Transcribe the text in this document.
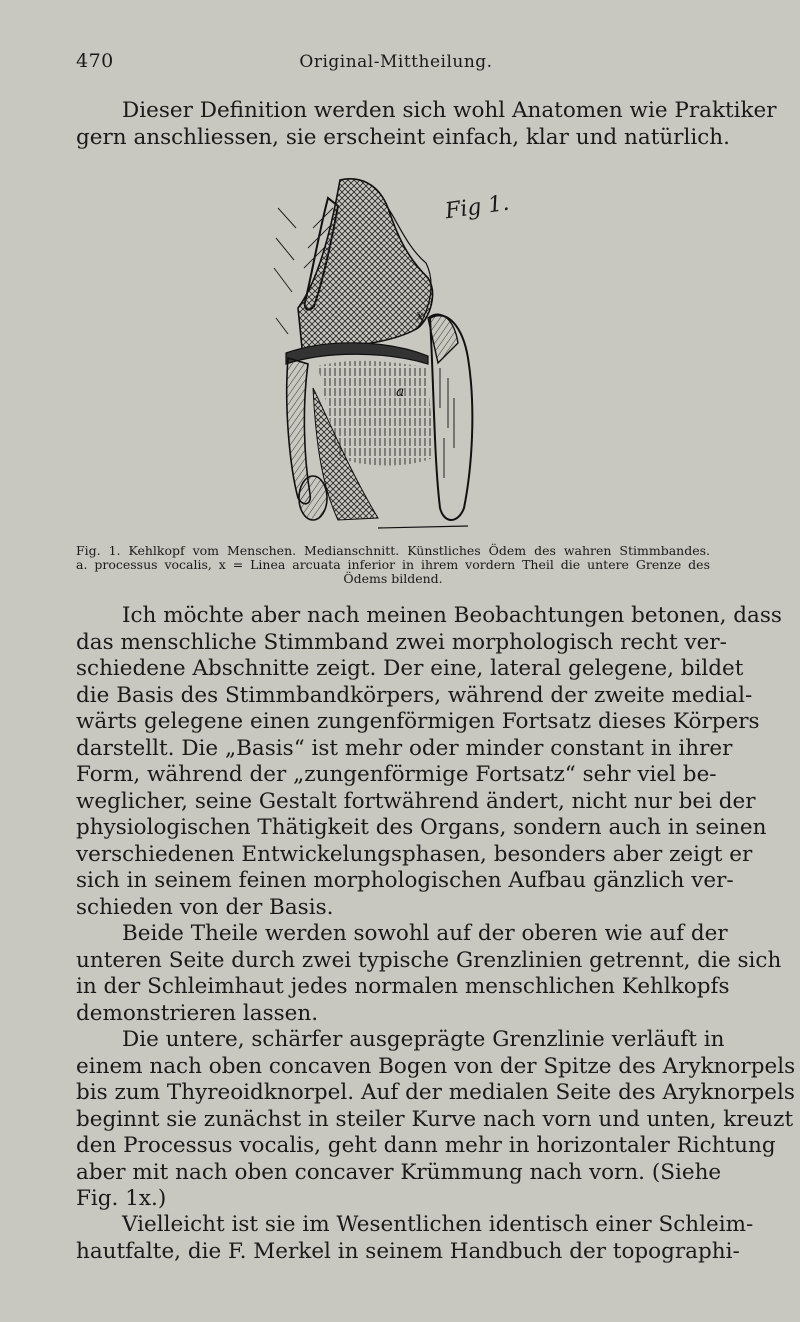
470	Original-Mittheilung.
Dieser Definition werden sich wohl Anatomen wie Praktiker
gern anschliessen, sie erscheint einfach, klar und natürlich.
x
a
Fig 1.
Fig. 1. Kehlkopf vom Menschen. Medianschnitt. Künstliches Ödem des wahren Stimmbandes.
a. processus vocalis, x = Linea arcuata inferior in ihrem vordern Theil die untere Grenze des
Ödems bildend.
Ich möchte aber nach meinen Beobachtungen betonen, dass
das menschliche Stimmband zwei morphologisch recht ver-
schiedene Abschnitte zeigt. Der eine, lateral gelegene, bildet
die Basis des Stimmbandkörpers, während der zweite medial-
wärts gelegene einen zungenförmigen Fortsatz dieses Körpers
darstellt. Die „Basis“ ist mehr oder minder constant in ihrer
Form, während der „zungenförmige Fortsatz“ sehr viel be-
weglicher, seine Gestalt fortwährend ändert, nicht nur bei der
physiologischen Thätigkeit des Organs, sondern auch in seinen
verschiedenen Entwickelungsphasen, besonders aber zeigt er
sich in seinem feinen morphologischen Aufbau gänzlich ver-
schieden von der Basis.
Beide Theile werden sowohl auf der oberen wie auf der
unteren Seite durch zwei typische Grenzlinien getrennt, die sich
in der Schleimhaut jedes normalen menschlichen Kehlkopfs
demonstrieren lassen.
Die untere, schärfer ausgeprägte Grenzlinie verläuft in
einem nach oben concaven Bogen von der Spitze des Aryknorpels
bis zum Thyreoidknorpel. Auf der medialen Seite des Aryknorpels
beginnt sie zunächst in steiler Kurve nach vorn und unten, kreuzt
den Processus vocalis, geht dann mehr in horizontaler Richtung
aber mit nach oben concaver Krümmung nach vorn. (Siehe
Fig. 1x.)
Vielleicht ist sie im Wesentlichen identisch einer Schleim-
hautfalte, die F. Merkel in seinem Handbuch der topographi-
